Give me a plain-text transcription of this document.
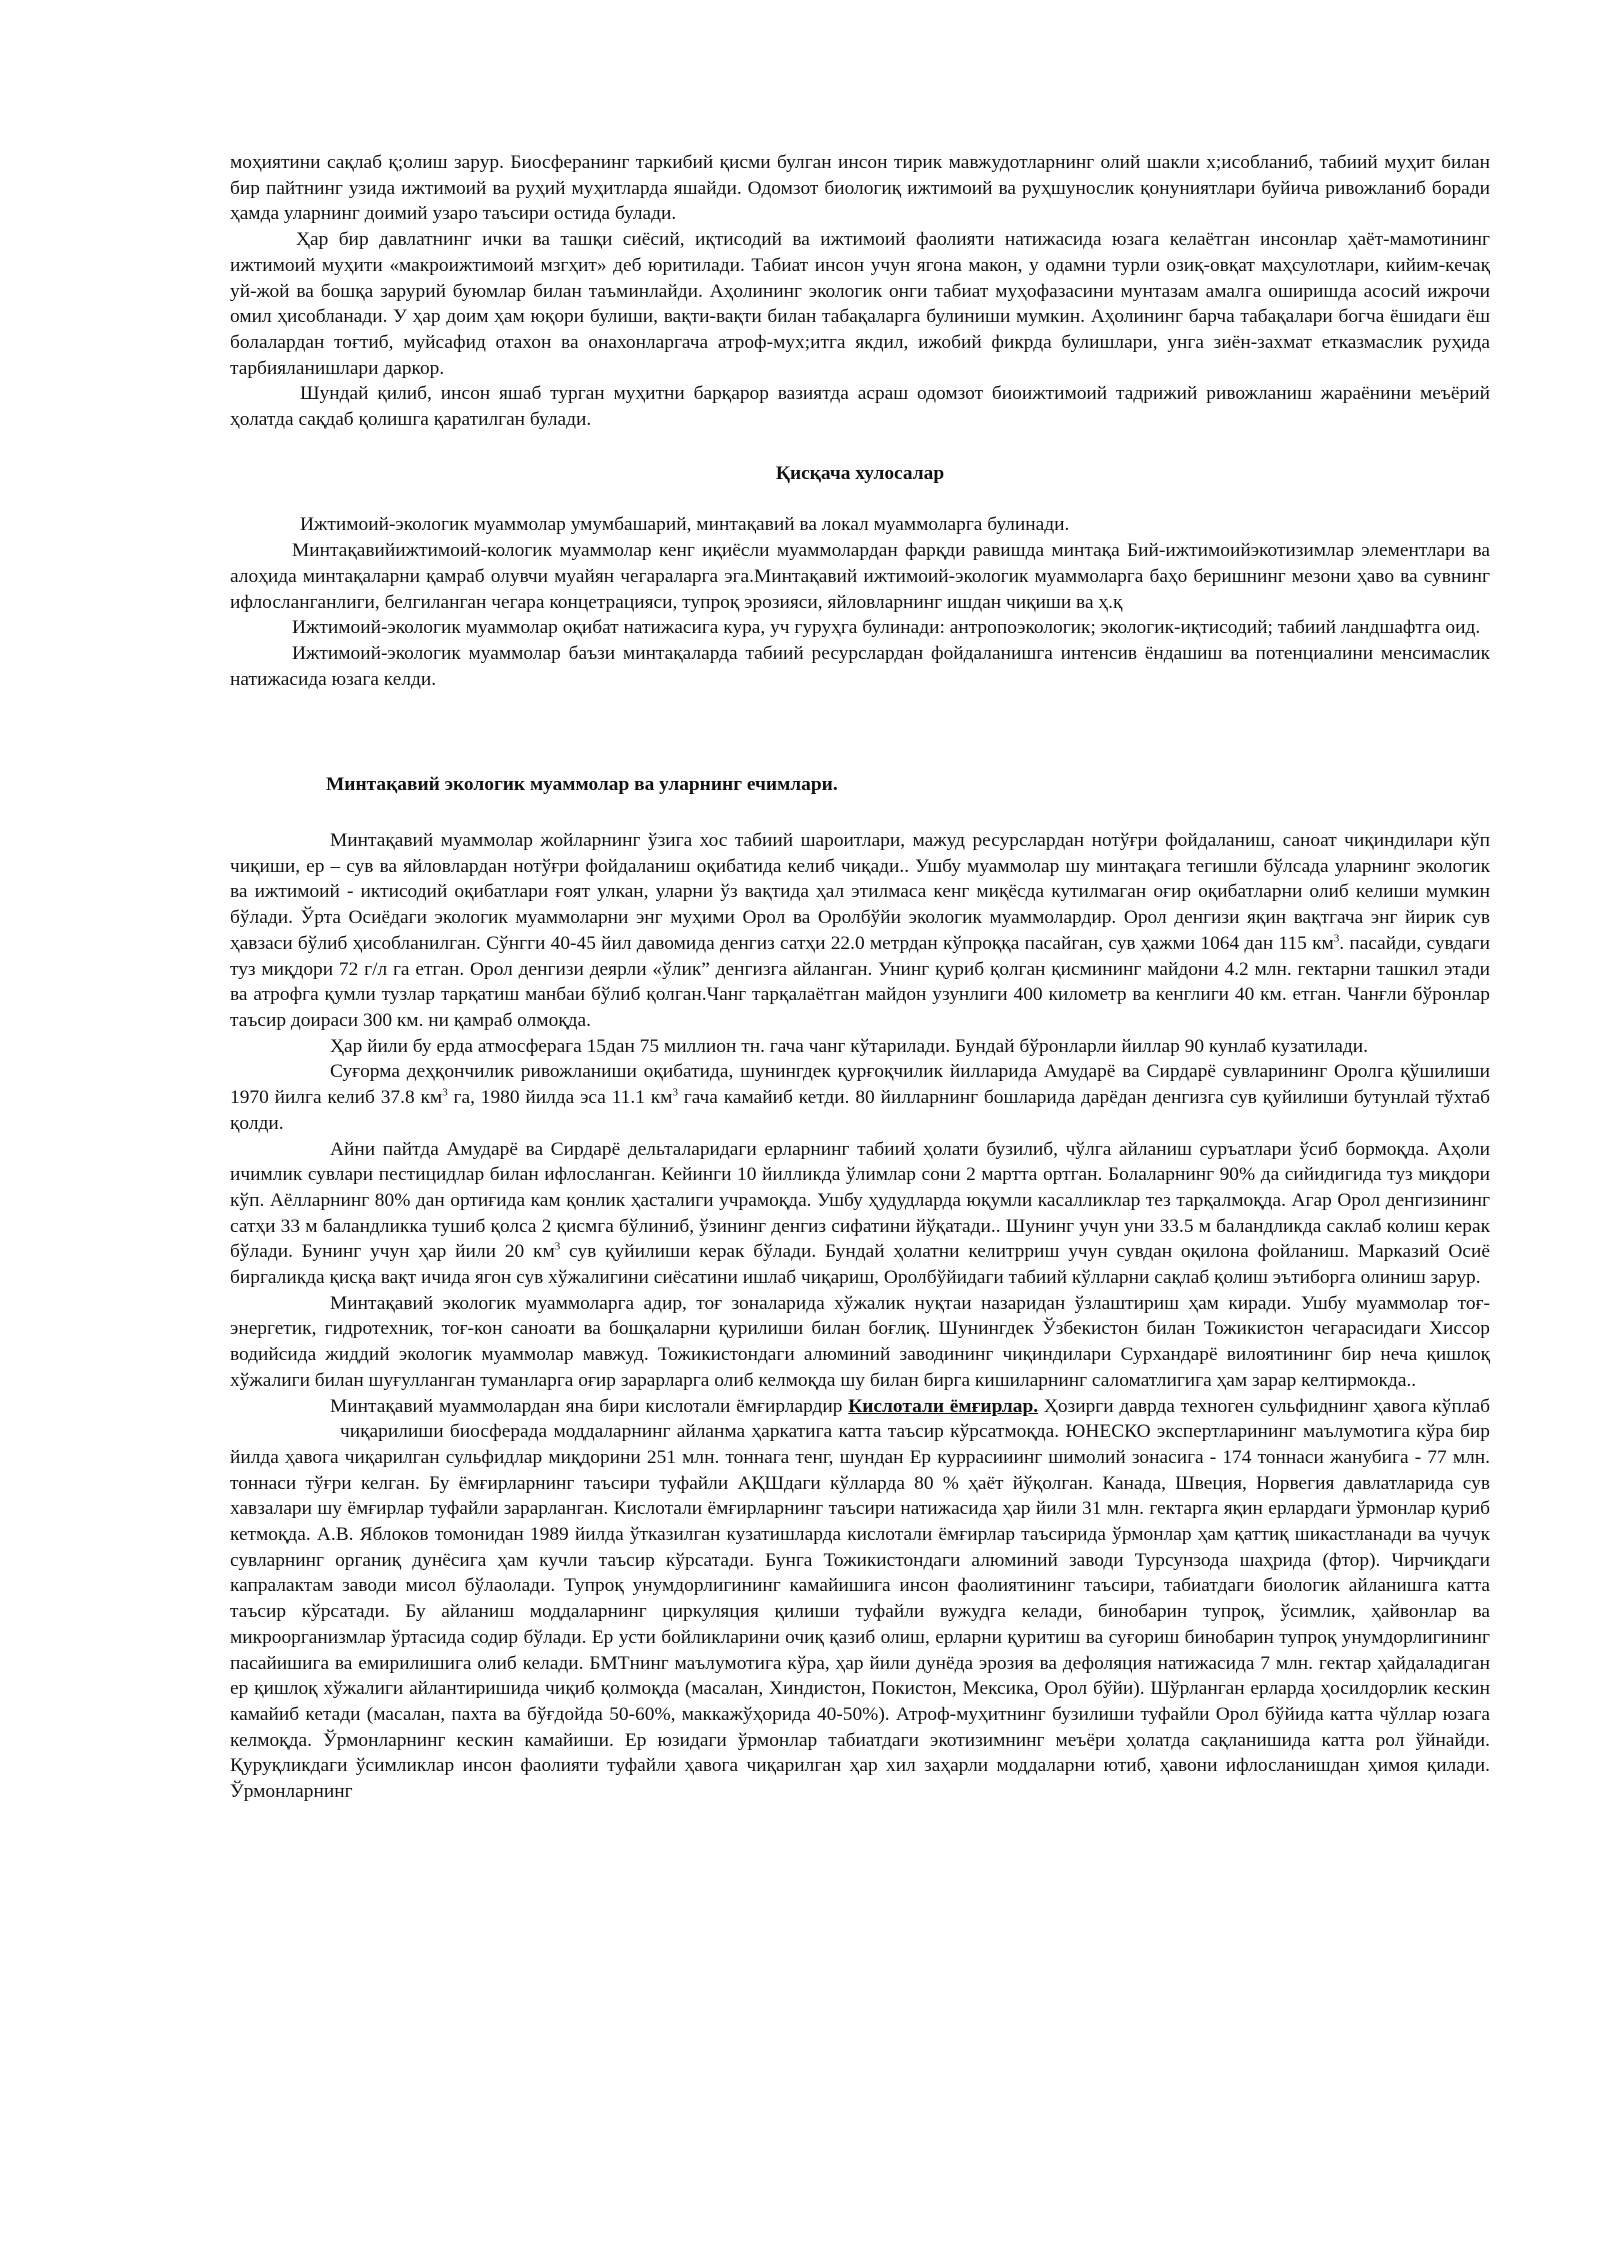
моҳиятини сақлаб қ;олиш зарур. Биосферанинг таркибий қисми булган инсон тирик мавжудотларнинг олий шакли х;исобланиб, табиий муҳит билан бир пайтнинг узида ижтимоий ва руҳий муҳитларда яшайди. Одомзот биологиқ ижтимоий ва руҳшунослик қонуниятлари буйича ривожланиб боради ҳамда уларнинг доимий узаро таъсири остида булади.

Ҳар бир давлатнинг ички ва ташқи сиёсий, иқтисодий ва ижтимоий фаолияти натижасида юзага келаётган инсонлар ҳаёт-мамотининг ижтимоий муҳити «макроижтимоий мзгҳит» деб юритилади. Табиат инсон учун ягона макон, у одамни турли озиқ-овқат маҳсулотлари, кийим-кечақ уй-жой ва бошқа зарурий буюмлар билан таъминлайди. Аҳолининг экологик онги табиат муҳофазасини мунтазам амалга оширишда асосий ижрочи омил ҳисобланади. У ҳар доим ҳам юқори булиши, вақти-вақти билан табақаларга булиниши мумкин. Аҳолининг барча табақалари богча ёшидаги ёш болалардан тоғтиб, муйсафид отахон ва онахонларгача атроф-мух;итга якдил, ижобий фикрда булишлари, унга зиён-захмат етказмаслик руҳида тарбияланишлари даркор.

Шундай қилиб, инсон яшаб турган муҳитни барқарор вазиятда асраш одомзот биоижтимоий тадрижий ривожланиш жараёнини меъёрий ҳолатда сақдаб қолишга қаратилган булади.

Қисқача хулосалар

Ижтимоий-экологик муаммолар умумбашарий, минтақавий ва локал муаммоларга булинади.

Минтақавийижтимоий-кологик муаммолар кенг иқиёсли муаммолардан фарқди равишда минтақа Бий-ижтимоийэкотизимлар элементлари ва алоҳида минтақаларни қамраб олувчи муайян чегараларга эга.Минтақавий ижтимоий-экологик муаммоларга баҳо беришнинг мезони ҳаво ва сувнинг ифлосланганлиги, белгиланган чегара концетрацияси, тупроқ эрозияси, яйловларнинг ишдан чиқиши ва ҳ.қ

Ижтимоий-экологик муаммолар оқибат натижасига кура, уч гуруҳга булинади: антропоэкологик; экологик-иқтисодий; табиий ландшафтга оид.

Ижтимоий-экологик муаммолар баъзи минтақаларда табиий ресурслардан фойдаланишга интенсив ёндашиш ва потенциалини менсимаслик натижасида юзага келди.

Минтақавий экологик муаммолар ва уларнинг ечимлари.

Минтақавий муаммолар жойларнинг ўзига хос табиий шароитлари, мажуд ресурслардан нотўғри фойдаланиш, саноат чиқиндилари кўп чиқиши, ер – сув ва яйловлардан нотўғри фойдаланиш оқибатида келиб чиқади.. Ушбу муаммолар шу минтақага тегишли бўлсада уларнинг экологик ва ижтимоий - иктисодий оқибатлари ғоят улкан, уларни ўз вақтида ҳал этилмаса кенг миқёсда кутилмаган оғир оқибатларни олиб келиши мумкин бўлади. Ўрта Осиёдаги экологик муаммоларни энг муҳими Орол ва Оролбўйи экологик муаммолардир. Орол денгизи яқин вақтгача энг йирик сув ҳавзаси бўлиб ҳисобланилган. Сўнгги 40-45 йил давомида денгиз сатҳи 22.0 метрдан кўпроққа пасайган, сув ҳажми 1064 дан 115 $км^3$. пасайди, сувдаги туз миқдори 72 г/л га етган. Орол денгизи деярли «ўлик” денгизга айланган. Унинг қуриб қолган қисмининг майдони 4.2 млн. гектарни ташкил этади ва атрофга қумли тузлар тарқатиш манбаи бўлиб қолган.Чанг тарқалаётган майдон узунлиги 400 километр ва кенглиги 40 км. етган. Чанғли бўронлар таъсир доираси 300 км. ни қамраб олмоқда.

Ҳар йили бу ерда атмосферага 15дан 75 миллион тн. гача чанг кўтарилади. Бундай бўронларли йиллар 90 кунлаб кузатилади.

Суғорма деҳқончилик ривожланиши оқибатида, шунингдек қурғоқчилик йилларида Амударё ва Сирдарё сувларининг Оролга қўшилиши 1970 йилга келиб 37.8 $км^3$ га, 1980 йилда эса 11.1 $км^3$ гача камайиб кетди. 80 йилларнинг бошларида дарёдан денгизга сув қуйилиши бутунлай тўхтаб қолди.

Айни пайтда Амударё ва Сирдарё дельталаридаги ерларнинг табиий ҳолати бузилиб, чўлга айланиш суръатлари ўсиб бормоқда. Аҳоли ичимлик сувлари пестицидлар билан ифлосланган. Кейинги 10 йилликда ўлимлар сони 2 мартта ортган. Болаларнинг 90% да сийидигида туз миқдори кўп. Аёлларнинг 80% дан ортиғида кам қонлик ҳасталиги учрамоқда. Ушбу ҳудудларда юқумли касалликлар тез тарқалмоқда. Агар Орол денгизининг сатҳи 33 м баландликка тушиб қолса 2 қисмга бўлиниб, ўзининг денгиз сифатини йўқатади.. Шунинг учун уни 33.5 м баландликда саклаб колиш керак бўлади. Бунинг учун ҳар йили 20 $км^3$ сув қуйилиши керак бўлади. Бундай ҳолатни келитрриш учун сувдан оқилона фойланиш. Марказий Осиё биргаликда қисқа вақт ичида ягон сув хўжалигини сиёсатини ишлаб чиқариш, Оролбўйидаги табиий кўлларни сақлаб қолиш эътиборга олиниш зарур.

Минтақавий экологик муаммоларга адир, тоғ зоналарида хўжалик нуқтаи назаридан ўзлаштириш ҳам киради. Ушбу муаммолар тоғ-энергетик, гидротехник, тоғ-кон саноати ва бошқаларни қурилиши билан боғлиқ. Шунингдек Ўзбекистон билан Тожикистон чегарасидаги Хиссор водийсида жиддий экологик муаммолар мавжуд. Тожикистондаги алюминий заводининг чиқиндилари Сурхандарё вилоятининг бир неча қишлоқ хўжалиги билан шуғулланган туманларга оғир зарарларга олиб келмоқда шу билан бирга кишиларнинг саломатлигига ҳам зарар келтирмокда..

Минтақавий муаммолардан яна бири кислотали ёмғирлардир Кислотали ёмғирлар. Ҳозирги даврда техноген сульфиднинг ҳавога кўплабчиқарилиши биосферада моддаларнинг айланма ҳаркатига катта таъсир кўрсатмоқда. ЮНЕСКО экспертларининг маълумотига кўра бир йилда ҳавога чиқарилган сульфидлар миқдорини 251 млн. тоннага тенг, шундан Ер куррасииинг шимолий зонасига - 174 тоннаси жанубига - 77 млн. тоннаси тўғри келган. Бу ёмғирларнинг таъсири туфайли АҚШдаги кўлларда 80 % ҳаёт йўқолган. Канада, Швеция, Норвегия давлатларида сув хавзалари шу ёмғирлар туфайли зарарланган. Кислотали ёмғирларнинг таъсири натижасида ҳар йили 31 млн. гектарга яқин ерлардаги ўрмонлар қуриб кетмоқда. А.В. Яблоков томонидан 1989 йилда ўтказилган кузатишларда кислотали ёмғирлар таъсирида ўрмонлар ҳам қаттиқ шикастланади ва чучук сувларнинг органиқ дунёсига ҳам кучли таъсир кўрсатади. Бунга Тожикистондаги алюминий заводи Турсунзода шаҳрида (фтор). Чирчиқдаги капралактам заводи мисол бўлаолади. Тупроқ унумдорлигининг камайишига инсон фаолиятининг таъсири, табиатдаги биологик айланишга катта таъсир кўрсатади. Бу айланиш моддаларнинг циркуляция қилиши туфайли вужудга келади, бинобарин тупроқ, ўсимлик, ҳайвонлар ва микроорганизмлар ўртасида содир бўлади. Ер усти бойликларини очиқ қазиб олиш, ерларни қуритиш ва суғориш бинобарин тупроқ унумдорлигининг пасайишига ва емирилишига олиб келади. БМТнинг маълумотига кўра, ҳар йили дунёда эрозия ва дефоляция натижасида 7 млн. гектар ҳайдаладиган ер қишлоқ хўжалиги айлантиришида чиқиб қолмоқда (масалан, Хиндистон, Покистон, Мексика, Орол бўйи). Шўрланган ерларда ҳосилдорлик кескин камайиб кетади (масалан, пахта ва бўғдойда 50-60%, маккажўҳорида 40-50%). Атроф-муҳитнинг бузилиши туфайли Орол бўйида катта чўллар юзага келмоқда. Ўрмонларнинг кескин камайиши. Ер юзидаги ўрмонлар табиатдаги экотизимнинг меъёри ҳолатда сақланишида катта рол ўйнайди. Қуруқликдаги ўсимликлар инсон фаолияти туфайли ҳавога чиқарилган ҳар хил заҳарли моддаларни ютиб, ҳавони ифлосланишдан ҳимоя қилади. Ўрмонларнинг
